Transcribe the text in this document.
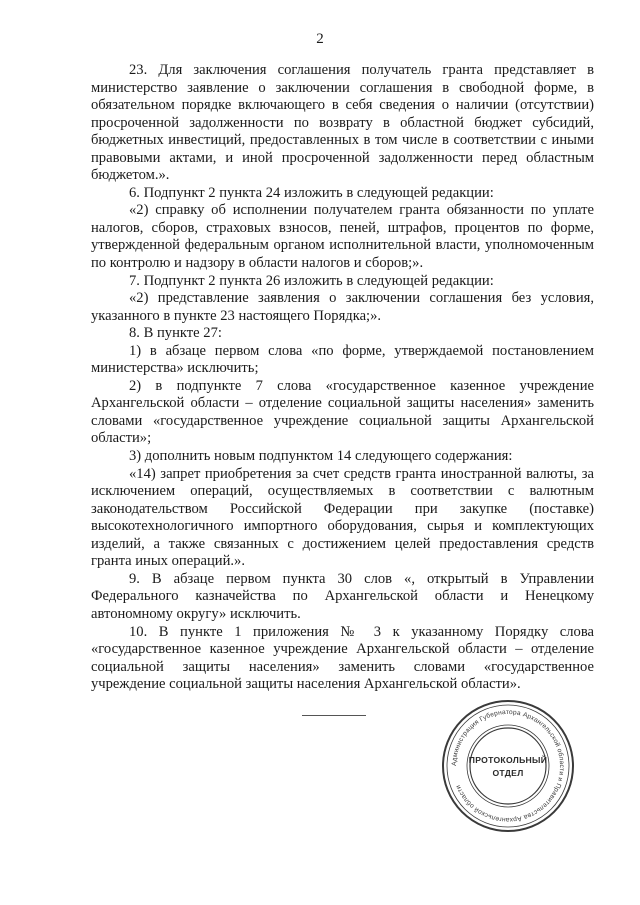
2

23. Для заключения соглашения получатель гранта представляет в министерство заявление о заключении соглашения в свободной форме, в обязательном порядке включающего в себя сведения о наличии (отсутствии) просроченной задолженности по возврату в областной бюджет субсидий, бюджетных инвестиций, предоставленных в том числе в соответствии с иными правовыми актами, и иной просроченной задолженности перед областным бюджетом.».

6. Подпункт 2 пункта 24 изложить в следующей редакции:

«2) справку об исполнении получателем гранта обязанности по уплате налогов, сборов, страховых взносов, пеней, штрафов, процентов по форме, утвержденной федеральным органом исполнительной власти, уполномоченным по контролю и надзору в области налогов и сборов;».

7. Подпункт 2 пункта 26 изложить в следующей редакции:

«2) представление заявления о заключении соглашения без условия, указанного в пункте 23 настоящего Порядка;».

8. В пункте 27:

1) в абзаце первом слова «по форме, утверждаемой постановлением министерства» исключить;

2) в подпункте 7 слова «государственное казенное учреждение Архангельской области – отделение социальной защиты населения» заменить словами «государственное учреждение социальной защиты Архангельской области»;

3) дополнить новым подпунктом 14 следующего содержания:

«14) запрет приобретения за счет средств гранта иностранной валюты, за исключением операций, осуществляемых в соответствии с валютным законодательством Российской Федерации при закупке (поставке) высокотехнологичного импортного оборудования, сырья и комплектующих изделий, а также связанных с достижением целей предоставления средств гранта иных операций.».

9. В абзаце первом пункта 30 слов «, открытый в Управлении Федерального казначейства по Архангельской области и Ненецкому автономному округу» исключить.

10. В пункте 1 приложения № 3 к указанному Порядку слова «государственное казенное учреждение Архангельской области – отделение социальной защиты населения» заменить словами «государственное учреждение социальной защиты населения Архангельской области».

Администрация Губернатора Архангельской области и Правительства Архангельской области
ПРОТОКОЛЬНЫЙ
ОТДЕЛ
